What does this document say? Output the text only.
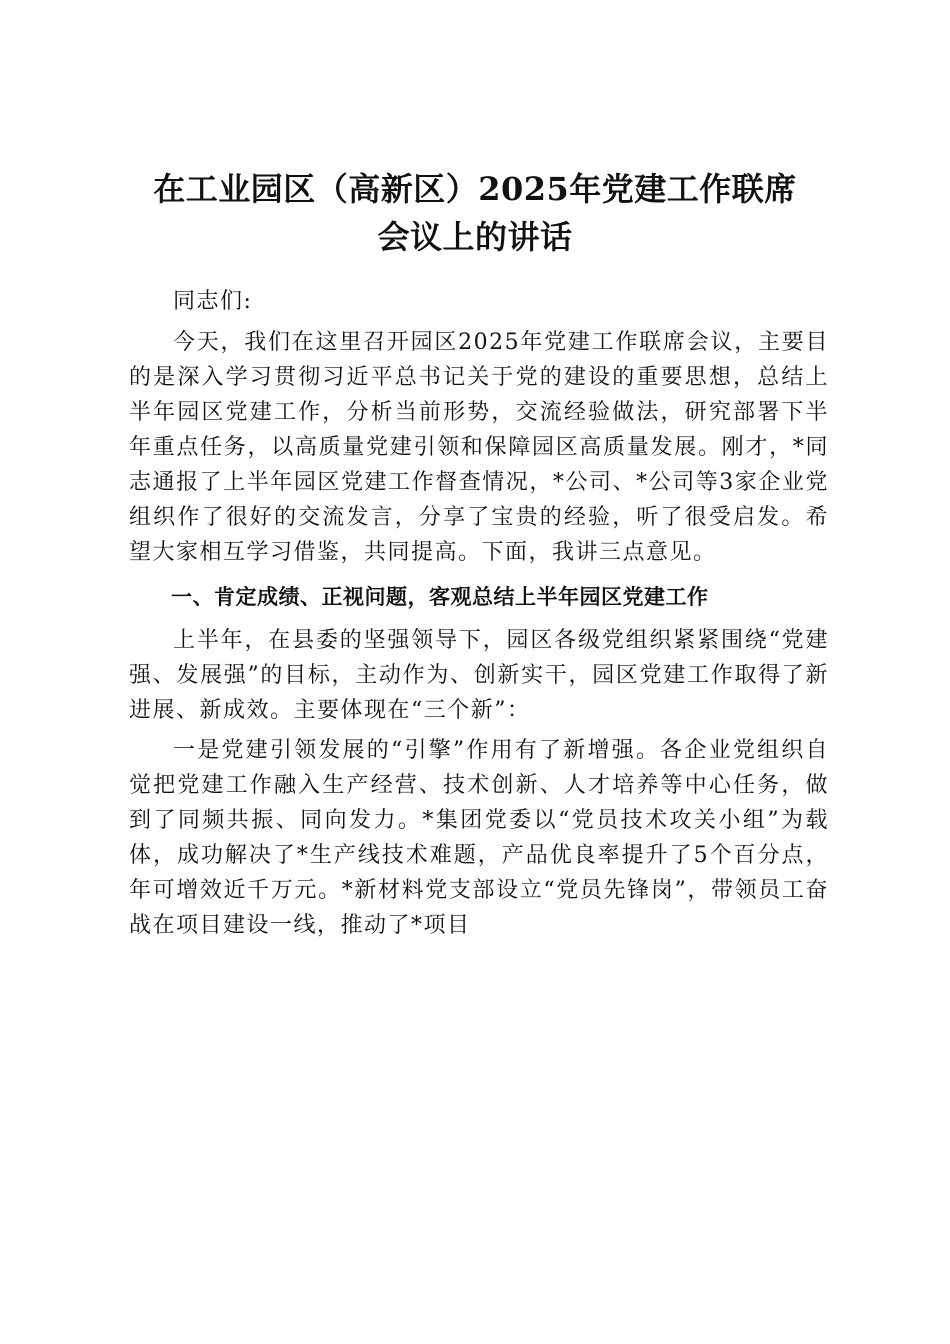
在工业园区（高新区）2025年党建工作联席
会议上的讲话

同志们:

今天，我们在这里召开园区2025年党建工作联席会议，主要目的是深入学习贯彻习近平总书记关于党的建设的重要思想，总结上半年园区党建工作，分析当前形势，交流经验做法，研究部署下半年重点任务，以高质量党建引领和保障园区高质量发展。刚才，*同志通报了上半年园区党建工作督查情况，*公司、*公司等3家企业党组织作了很好的交流发言，分享了宝贵的经验，听了很受启发。希望大家相互学习借鉴，共同提高。下面，我讲三点意见。

一、肯定成绩、正视问题，客观总结上半年园区党建工作

上半年，在县委的坚强领导下，园区各级党组织紧紧围绕“党建强、发展强”的目标，主动作为、创新实干，园区党建工作取得了新进展、新成效。主要体现在“三个新”：

一是党建引领发展的“引擎”作用有了新增强。各企业党组织自觉把党建工作融入生产经营、技术创新、人才培养等中心任务，做到了同频共振、同向发力。*集团党委以“党员技术攻关小组”为载体，成功解决了*生产线技术难题，产品优良率提升了5个百分点，年可增效近千万元。*新材料党支部设立“党员先锋岗”，带领员工奋战在项目建设一线，推动了*项目
